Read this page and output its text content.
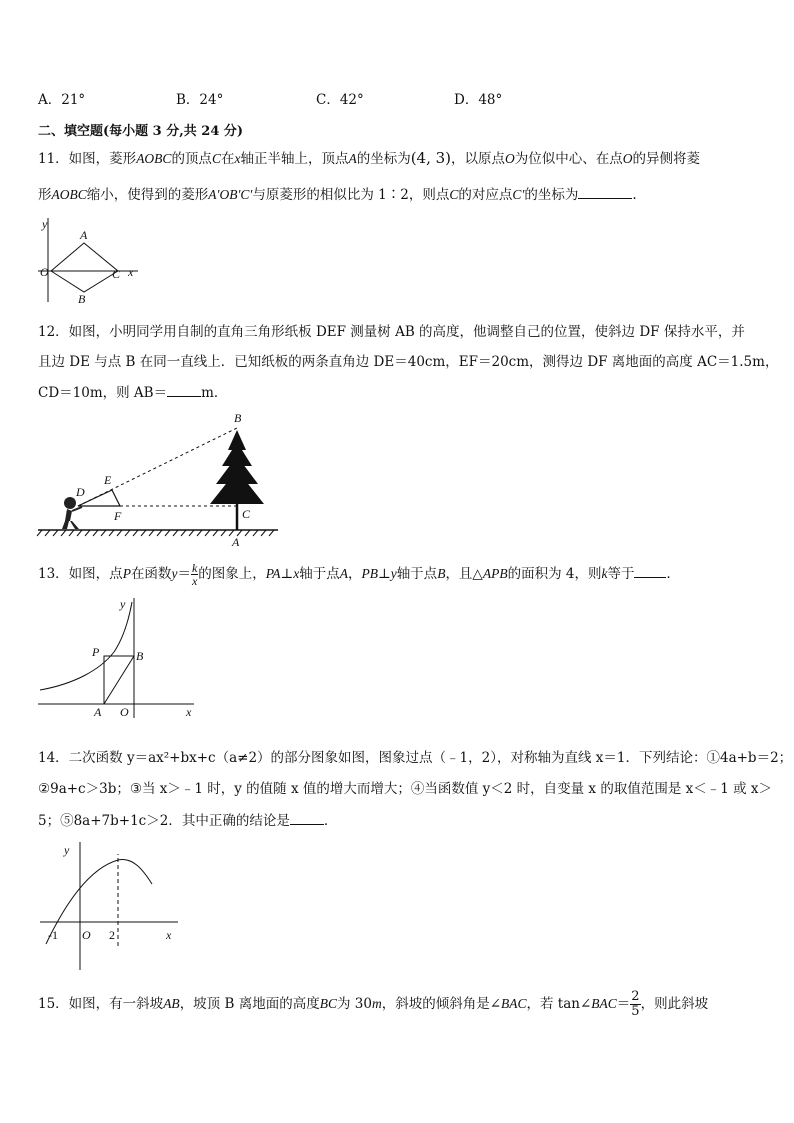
A．21°	B．24°	C．42°	D．48°
二、填空题(每小题 3 分,共 24 分)
11．如图，菱形AOBC的顶点C在x轴正半轴上，顶点A的坐标为(4, 3)，以原点O为位似中心、在点O的异侧将菱
形AOBC缩小，使得到的菱形A′OB′C′与原菱形的相似比为 1∶2，则点C的对应点C′的坐标为	.
y
A
O	C x
B
12．如图，小明同学用自制的直角三角形纸板 DEF 测量树 AB 的高度，他调整自己的位置，使斜边 DF 保持水平，并
且边 DE 与点 B 在同一直线上．已知纸板的两条直角边 DE＝40cm，EF＝20cm，测得边 DF 离地面的高度 AC＝1.5m，
CD＝10m，则 AB＝	m．
B
E
D
F	C
A
13．如图，点P在函数$y= \frac{k}{x}$ 的图象上，PA⊥x轴于点A，PB⊥y轴于点B，且△APB的面积为 4，则k等于 ．
y
P	B
A O	x
14．二次函数 y＝ax²+bx+c（a≠2）的部分图象如图，图象过点（﹣1，2），对称轴为直线 x＝1．下列结论：①4a+b＝2；
②9a+c＞3b；③当 x＞﹣1 时，y 的值随 x 值的增大而增大；④当函数值 y＜2 时，自变量 x 的取值范围是 x＜﹣1 或 x＞
5；⑤8a+7b+1c＞2．其中正确的结论是	．
y
-1 O 2	x
15．如图，有一斜坡AB，坡顶 B 离地面的高度BC为 30m，斜坡的倾斜角是∠BAC，若 tan∠BAC＝ $\frac{2}{5}$ ，则此斜坡
